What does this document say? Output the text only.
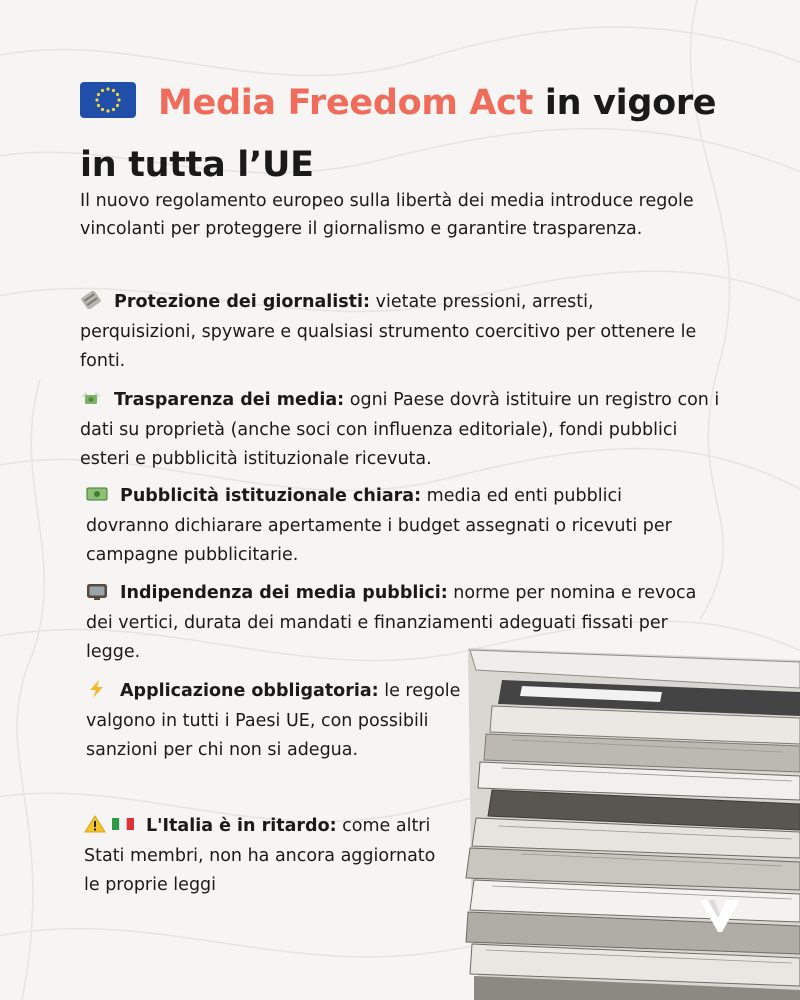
Media Freedom Act in vigore
in tutta l’UE

Il nuovo regolamento europeo sulla libertà dei media introduce regole vincolanti per proteggere il giornalismo e garantire trasparenza.

Protezione dei giornalisti: vietate pressioni, arresti, perquisizioni, spyware e qualsiasi strumento coercitivo per ottenere le fonti.

Trasparenza dei media: ogni Paese dovrà istituire un registro con i dati su proprietà (anche soci con influenza editoriale), fondi pubblici esteri e pubblicità istituzionale ricevuta.

Pubblicità istituzionale chiara: media ed enti pubblici dovranno dichiarare apertamente i budget assegnati o ricevuti per campagne pubblicitarie.

Indipendenza dei media pubblici: norme per nomina e revoca dei vertici, durata dei mandati e finanziamenti adeguati fissati per legge.

Applicazione obbligatoria: le regole valgono in tutti i Paesi UE, con possibili sanzioni per chi non si adegua.

L'Italia è in ritardo: come altri Stati membri, non ha ancora aggiornato le proprie leggi
